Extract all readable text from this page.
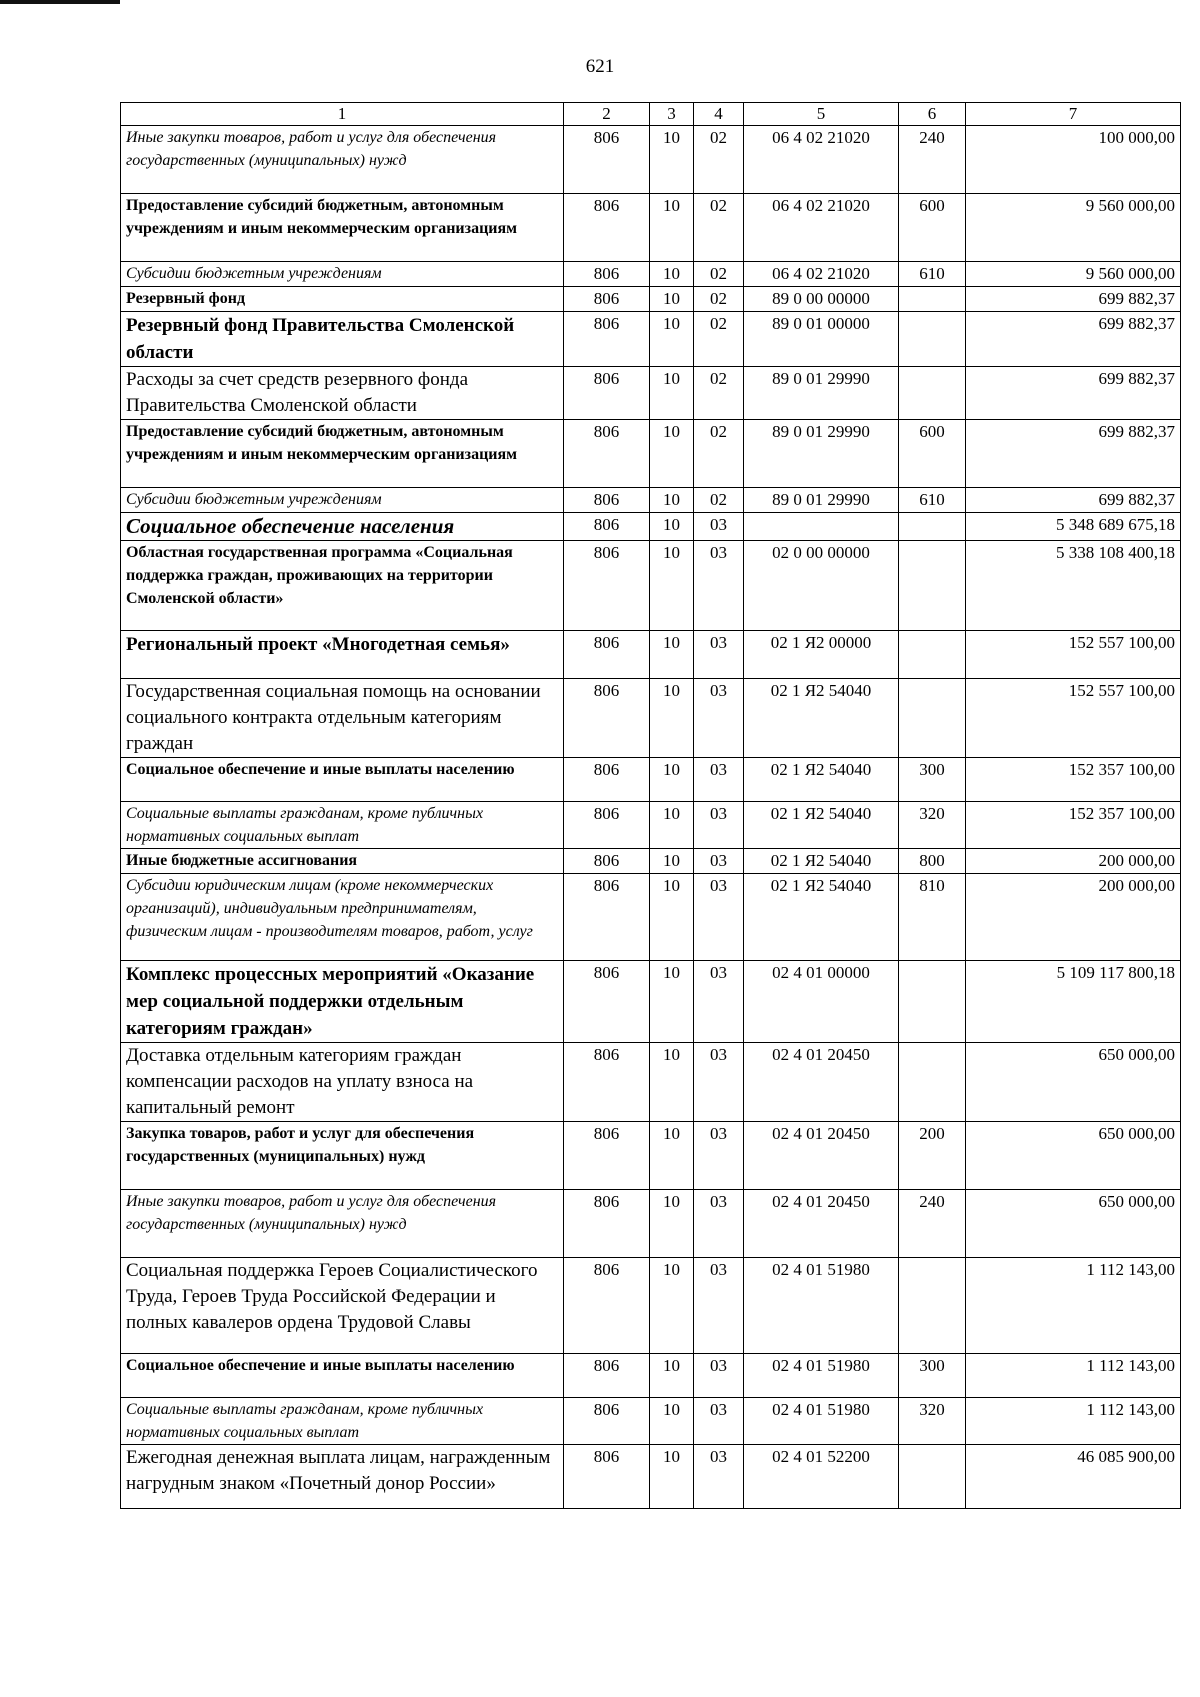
621
1	2	3	4	5	6	7
Иные закупки товаров, работ и услуг для обеспечения государственных (муниципальных) нужд	806	10	02	06 4 02 21020	240	100 000,00
Предоставление субсидий бюджетным, автономным учреждениям и иным некоммерческим организациям	806	10	02	06 4 02 21020	600	9 560 000,00
Субсидии бюджетным учреждениям	806	10	02	06 4 02 21020	610	9 560 000,00
Резервный фонд	806	10	02	89 0 00 00000		699 882,37
Резервный фонд Правительства Смоленской области	806	10	02	89 0 01 00000		699 882,37
Расходы за счет средств резервного фонда Правительства Смоленской области	806	10	02	89 0 01 29990		699 882,37
Предоставление субсидий бюджетным, автономным учреждениям и иным некоммерческим организациям	806	10	02	89 0 01 29990	600	699 882,37
Субсидии бюджетным учреждениям	806	10	02	89 0 01 29990	610	699 882,37
Социальное обеспечение населения	806	10	03			5 348 689 675,18
Областная государственная программа «Социальная поддержка граждан, проживающих на территории Смоленской области»	806	10	03	02 0 00 00000		5 338 108 400,18
Региональный проект «Многодетная семья»	806	10	03	02 1 Я2 00000		152 557 100,00
Государственная социальная помощь на основании социального контракта отдельным категориям граждан	806	10	03	02 1 Я2 54040		152 557 100,00
Социальное обеспечение и иные выплаты населению	806	10	03	02 1 Я2 54040	300	152 357 100,00
Социальные выплаты гражданам, кроме публичных нормативных социальных выплат	806	10	03	02 1 Я2 54040	320	152 357 100,00
Иные бюджетные ассигнования	806	10	03	02 1 Я2 54040	800	200 000,00
Субсидии юридическим лицам (кроме некоммерческих организаций), индивидуальным предпринимателям, физическим лицам - производителям товаров, работ, услуг	806	10	03	02 1 Я2 54040	810	200 000,00
Комплекс процессных мероприятий «Оказание мер социальной поддержки отдельным категориям граждан»	806	10	03	02 4 01 00000		5 109 117 800,18
Доставка отдельным категориям граждан компенсации расходов на уплату взноса на капитальный ремонт	806	10	03	02 4 01 20450		650 000,00
Закупка товаров, работ и услуг для обеспечения государственных (муниципальных) нужд	806	10	03	02 4 01 20450	200	650 000,00
Иные закупки товаров, работ и услуг для обеспечения государственных (муниципальных) нужд	806	10	03	02 4 01 20450	240	650 000,00
Социальная поддержка Героев Социалистического Труда, Героев Труда Российской Федерации и полных кавалеров ордена Трудовой Славы	806	10	03	02 4 01 51980		1 112 143,00
Социальное обеспечение и иные выплаты населению	806	10	03	02 4 01 51980	300	1 112 143,00
Социальные выплаты гражданам, кроме публичных нормативных социальных выплат	806	10	03	02 4 01 51980	320	1 112 143,00
Ежегодная денежная выплата лицам, награжденным нагрудным знаком «Почетный донор России»	806	10	03	02 4 01 52200		46 085 900,00
